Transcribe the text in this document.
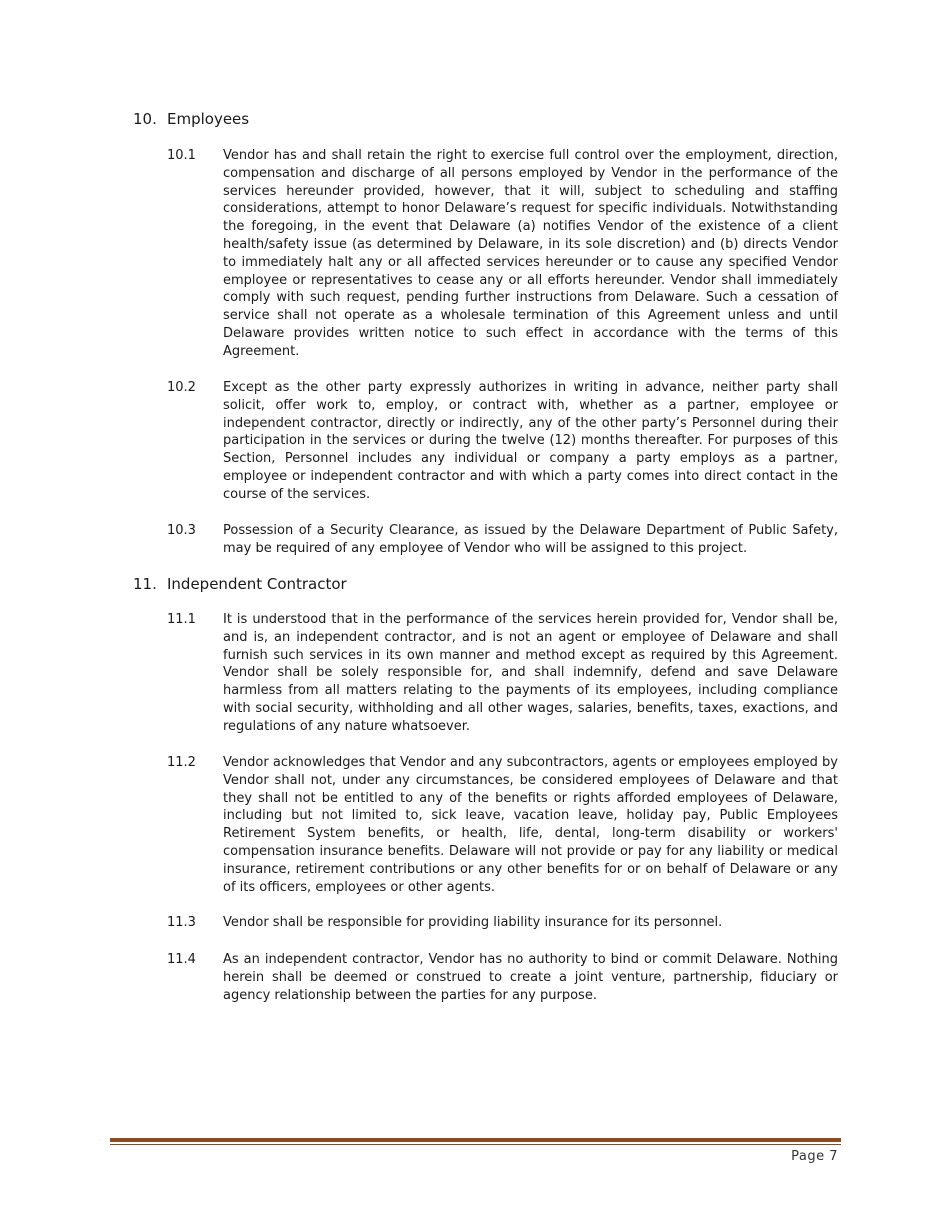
10. Employees
10.1	Vendor has and shall retain the right to exercise full control over the employment, direction, compensation and discharge of all persons employed by Vendor in the performance of the services hereunder provided, however, that it will, subject to scheduling and staffing considerations, attempt to honor Delaware’s request for specific individuals. Notwithstanding the foregoing, in the event that Delaware (a) notifies Vendor of the existence of a client health/safety issue (as determined by Delaware, in its sole discretion) and (b) directs Vendor to immediately halt any or all affected services hereunder or to cause any specified Vendor employee or representatives to cease any or all efforts hereunder. Vendor shall immediately comply with such request, pending further instructions from Delaware. Such a cessation of service shall not operate as a wholesale termination of this Agreement unless and until Delaware provides written notice to such effect in accordance with the terms of this Agreement.

10.2	Except as the other party expressly authorizes in writing in advance, neither party shall solicit, offer work to, employ, or contract with, whether as a partner, employee or independent contractor, directly or indirectly, any of the other party’s Personnel during their participation in the services or during the twelve (12) months thereafter. For purposes of this Section, Personnel includes any individual or company a party employs as a partner, employee or independent contractor and with which a party comes into direct contact in the course of the services.

10.3	Possession of a Security Clearance, as issued by the Delaware Department of Public Safety, may be required of any employee of Vendor who will be assigned to this project.

11. Independent Contractor
11.1	It is understood that in the performance of the services herein provided for, Vendor shall be, and is, an independent contractor, and is not an agent or employee of Delaware and shall furnish such services in its own manner and method except as required by this Agreement. Vendor shall be solely responsible for, and shall indemnify, defend and save Delaware harmless from all matters relating to the payments of its employees, including compliance with social security, withholding and all other wages, salaries, benefits, taxes, exactions, and regulations of any nature whatsoever.

11.2	Vendor acknowledges that Vendor and any subcontractors, agents or employees employed by Vendor shall not, under any circumstances, be considered employees of Delaware and that they shall not be entitled to any of the benefits or rights afforded employees of Delaware, including but not limited to, sick leave, vacation leave, holiday pay, Public Employees Retirement System benefits, or health, life, dental, long-term disability or workers' compensation insurance benefits. Delaware will not provide or pay for any liability or medical insurance, retirement contributions or any other benefits for or on behalf of Delaware or any of its officers, employees or other agents.

11.3	Vendor shall be responsible for providing liability insurance for its personnel.

11.4	As an independent contractor, Vendor has no authority to bind or commit Delaware. Nothing herein shall be deemed or construed to create a joint venture, partnership, fiduciary or agency relationship between the parties for any purpose.

Page 7
